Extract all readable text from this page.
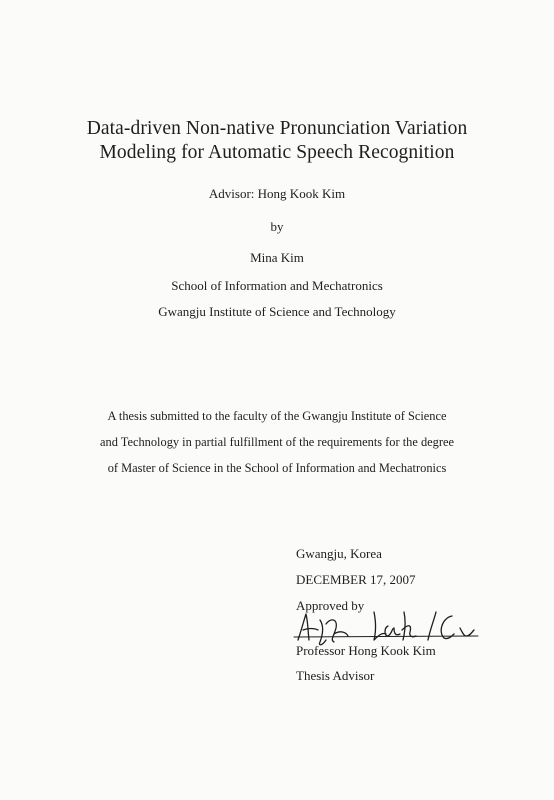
Data-driven Non-native Pronunciation Variation
Modeling for Automatic Speech Recognition
Advisor: Hong Kook Kim
by
Mina Kim
School of Information and Mechatronics
Gwangju Institute of Science and Technology
A thesis submitted to the faculty of the Gwangju Institute of Science
and Technology in partial fulfillment of the requirements for the degree
of Master of Science in the School of Information and Mechatronics
Gwangju, Korea
DECEMBER 17, 2007
Approved by
Professor Hong Kook Kim
Thesis Advisor
